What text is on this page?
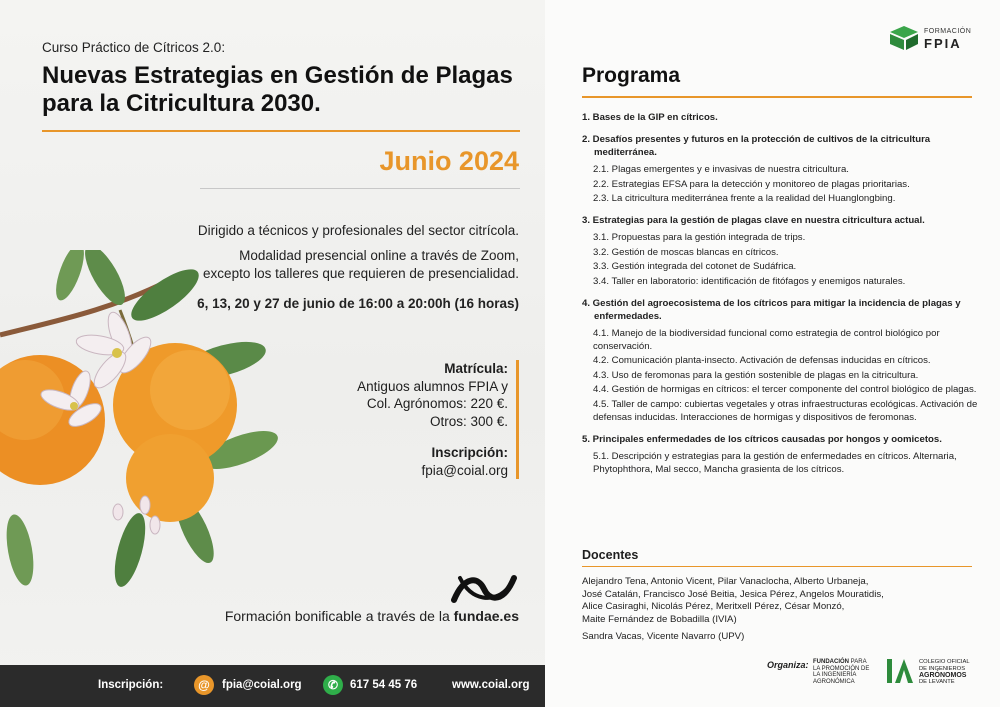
Curso Práctico de Cítricos 2.0:
Nuevas Estrategias en Gestión de Plagas
para la Citricultura 2030.
Junio 2024
Dirigido a técnicos y profesionales del sector citrícola.
Modalidad presencial online a través de Zoom,
excepto los talleres que requieren de presencialidad.
6, 13, 20 y 27 de junio de 16:00 a 20:00h (16 horas)
Matrícula:
Antiguos alumnos FPIA y
Col. Agrónomos: 220 €.
Otros: 300 €.
Inscripción:
fpia@coial.org
Formación bonificable a través de la fundae.es
Inscripción:	@	fpia@coial.org	✆	617 54 45 76	www.coial.org
FORMACIÓN
FPIA
Programa
1. Bases de la GIP en cítricos.
2. Desafíos presentes y futuros en la protección de cultivos de la citricultura mediterránea.
2.1. Plagas emergentes y e invasivas de nuestra citricultura.
2.2. Estrategias EFSA para la detección y monitoreo de plagas prioritarias.
2.3. La citricultura mediterránea frente a la realidad del Huanglongbing.
3. Estrategias para la gestión de plagas clave en nuestra citricultura actual.
3.1. Propuestas para la gestión integrada de trips.
3.2. Gestión de moscas blancas en cítricos.
3.3. Gestión integrada del cotonet de Sudáfrica.
3.4. Taller en laboratorio: identificación de fitófagos y enemigos naturales.
4. Gestión del agroecosistema de los cítricos para mitigar la incidencia de plagas y enfermedades.
4.1. Manejo de la biodiversidad funcional como estrategia de control biológico por conservación.
4.2. Comunicación planta-insecto. Activación de defensas inducidas en cítricos.
4.3. Uso de feromonas para la gestión sostenible de plagas en la citricultura.
4.4. Gestión de hormigas en cítricos: el tercer componente del control biológico de plagas.
4.5. Taller de campo: cubiertas vegetales y otras infraestructuras ecológicas. Activación de defensas inducidas. Interacciones de hormigas y dispositivos de feromonas.
5. Principales enfermedades de los cítricos causadas por hongos y oomicetos.
5.1. Descripción y estrategias para la gestión de enfermedades en cítricos. Alternaria, Phytophthora, Mal secco, Mancha grasienta de los cítricos.
Docentes

Alejandro Tena, Antonio Vicent, Pilar Vanaclocha, Alberto Urbaneja,
José Catalán, Francisco José Beitia, Jesica Pérez, Angelos Mouratidis,
Alice Casiraghi, Nicolás Pérez, Meritxell Pérez, César Monzó,
Maite Fernández de Bobadilla (IVIA)

Sandra Vacas, Vicente Navarro (UPV)

Organiza: FUNDACIÓN PARA
LA PROMOCIÓN DE
LA INGENIERÍA
AGRONÓMICA
COLEGIO OFICIAL
DE INGENIEROS
AGRÓNOMOS
DE LEVANTE
